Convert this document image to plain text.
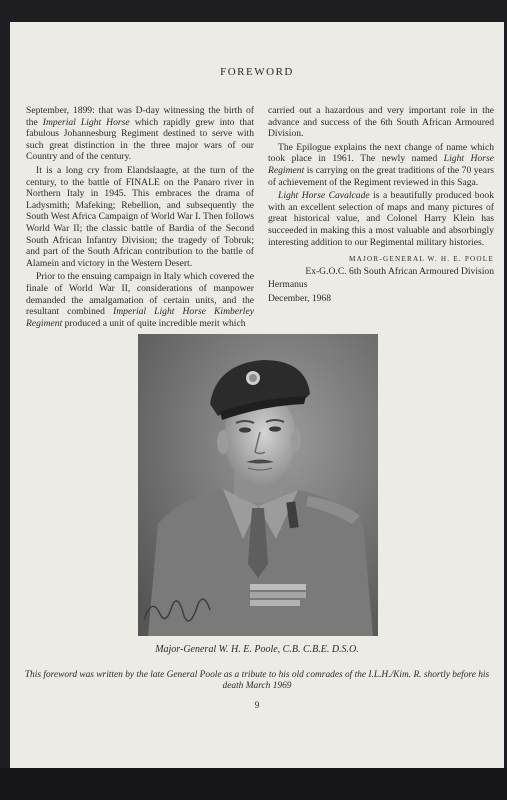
FOREWORD

September, 1899: that was D-day witnessing the birth of the Imperial Light Horse which rapidly grew into that fabulous Johannesburg Regiment destined to serve with such great distinction in the three major wars of our Country and of the century.

It is a long cry from Elandslaagte, at the turn of the century, to the battle of FINALE on the Panaro river in Northern Italy in 1945. This embraces the drama of Ladysmith; Mafeking; Rebellion, and subsequently the South West Africa Campaign of World War I. Then follows World War II; the classic battle of Bardia of the Second South African Infantry Division; the tragedy of Tobruk; and part of the South African contribution to the battle of Alamein and victory in the Western Desert.

Prior to the ensuing campaign in Italy which covered the finale of World War II, considerations of manpower demanded the amalgamation of certain units, and the resultant combined Imperial Light Horse Kimberley Regiment produced a unit of quite incredible merit which

carried out a hazardous and very important role in the advance and success of the 6th South African Armoured Division.

The Epilogue explains the next change of name which took place in 1961. The newly named Light Horse Regiment is carrying on the great traditions of the 70 years of achievement of the Regiment reviewed in this Saga.

Light Horse Cavalcade is a beautifully produced book with an excellent selection of maps and many pictures of great historical value, and Colonel Harry Klein has succeeded in making this a most valuable and absorbingly interesting addition to our Regimental military histories.

MAJOR-GENERAL W. H. E. POOLE

Ex-G.O.C. 6th South African Armoured Division

Hermanus

December, 1968

Major-General W. H. E. Poole, C.B. C.B.E. D.S.O.
This foreword was written by the late General Poole as a tribute to his old comrades of the I.L.H./Kim. R. shortly before his death March 1969
9
